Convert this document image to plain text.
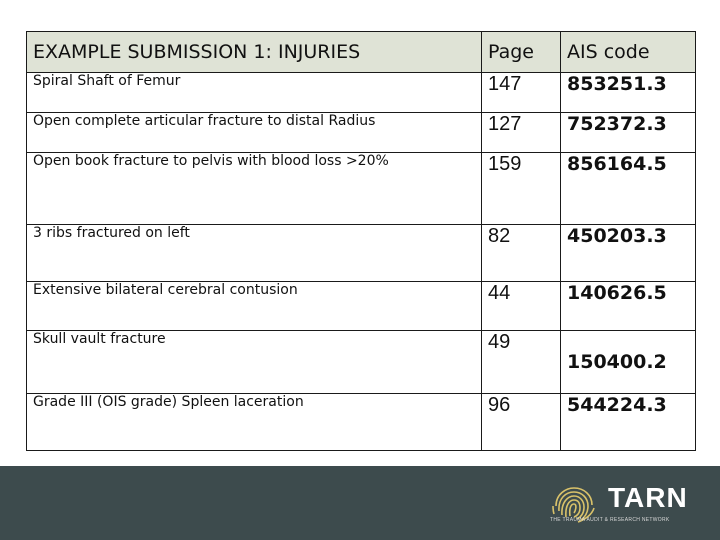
EXAMPLE SUBMISSION 1: INJURIES	Page	AIS code
Spiral Shaft of Femur	147	853251.3
Open complete articular fracture to distal Radius	127	752372.3
Open book fracture to pelvis with blood loss >20%	159	856164.5
3 ribs fractured on left	82	450203.3
Extensive bilateral cerebral contusion	44	140626.5
Skull vault fracture	49	150400.2
Grade III (OIS grade) Spleen laceration	96	544224.3
TARN
THE TRAUMA AUDIT & RESEARCH NETWORK
